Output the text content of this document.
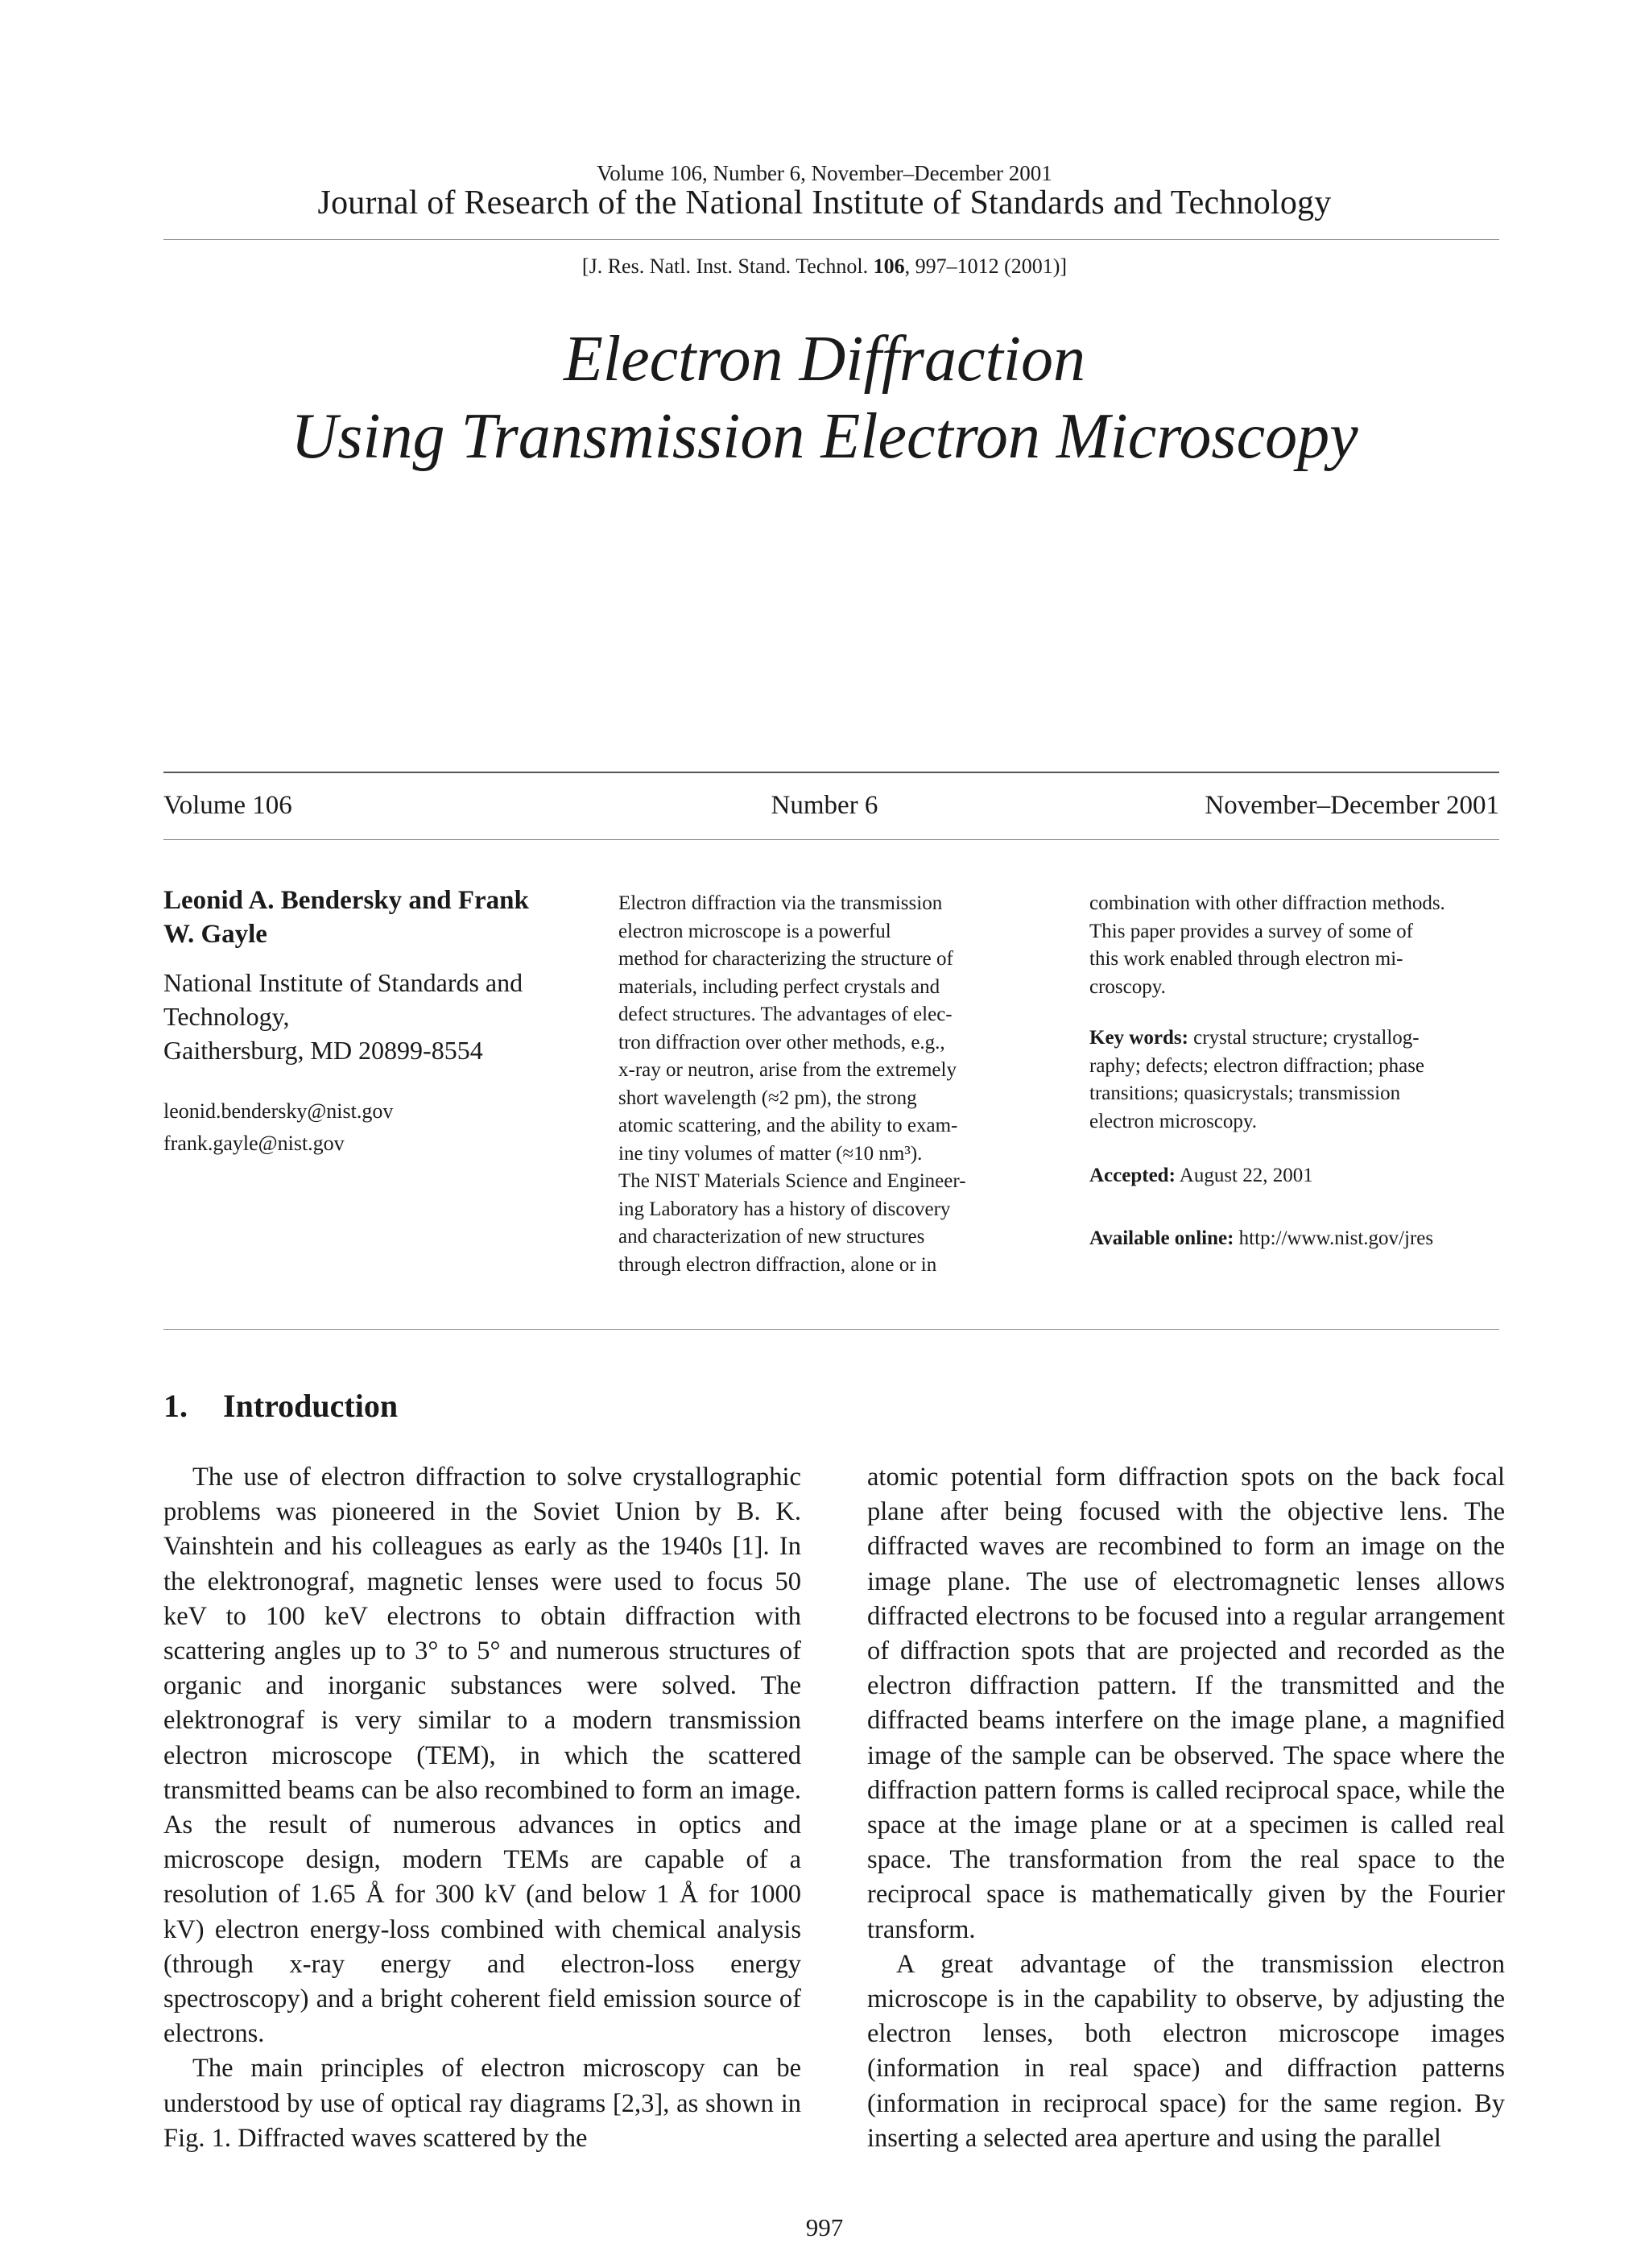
Volume 106, Number 6, November–December 2001
Journal of Research of the National Institute of Standards and Technology
[J. Res. Natl. Inst. Stand. Technol. 106, 997–1012 (2001)]
Electron Diffraction
Using Transmission Electron Microscopy
Volume 106	Number 6	November–December 2001
Leonid A. Bendersky and Frank
W. Gayle
National Institute of Standards and
Technology,
Gaithersburg, MD 20899-8554
leonid.bendersky@nist.gov
frank.gayle@nist.gov
Electron diffraction via the transmission
electron microscope is a powerful
method for characterizing the structure of
materials, including perfect crystals and
defect structures. The advantages of elec-
tron diffraction over other methods, e.g.,
x-ray or neutron, arise from the extremely
short wavelength (≈2 pm), the strong
atomic scattering, and the ability to exam-
ine tiny volumes of matter (≈10 nm³).
The NIST Materials Science and Engineer-
ing Laboratory has a history of discovery
and characterization of new structures
through electron diffraction, alone or in
combination with other diffraction methods.
This paper provides a survey of some of
this work enabled through electron mi-
croscopy.
Key words: crystal structure; crystallog-
raphy; defects; electron diffraction; phase
transitions; quasicrystals; transmission
electron microscopy.
Accepted: August 22, 2001
Available online: http://www.nist.gov/jres
1. Introduction

The use of electron diffraction to solve crystallographic problems was pioneered in the Soviet Union by B. K. Vainshtein and his colleagues as early as the 1940s [1]. In the elektronograf, magnetic lenses were used to focus 50 keV to 100 keV electrons to obtain diffraction with scattering angles up to 3° to 5° and numerous structures of organic and inorganic substances were solved. The elektronograf is very similar to a modern transmission electron microscope (TEM), in which the scattered transmitted beams can be also recombined to form an image. As the result of numerous advances in optics and microscope design, modern TEMs are capable of a resolution of 1.65 Å for 300 kV (and below 1 Å for 1000 kV) electron energy-loss combined with chemical analysis (through x-ray energy and electron-loss energy spectroscopy) and a bright coherent field emission source of electrons.

The main principles of electron microscopy can be understood by use of optical ray diagrams [2,3], as shown in Fig. 1. Diffracted waves scattered by the

atomic potential form diffraction spots on the back focal plane after being focused with the objective lens. The diffracted waves are recombined to form an image on the image plane. The use of electromagnetic lenses allows diffracted electrons to be focused into a regular arrangement of diffraction spots that are projected and recorded as the electron diffraction pattern. If the transmitted and the diffracted beams interfere on the image plane, a magnified image of the sample can be observed. The space where the diffraction pattern forms is called reciprocal space, while the space at the image plane or at a specimen is called real space. The transformation from the real space to the reciprocal space is mathematically given by the Fourier transform.

A great advantage of the transmission electron microscope is in the capability to observe, by adjusting the electron lenses, both electron microscope images (information in real space) and diffraction patterns (information in reciprocal space) for the same region. By inserting a selected area aperture and using the parallel

997
